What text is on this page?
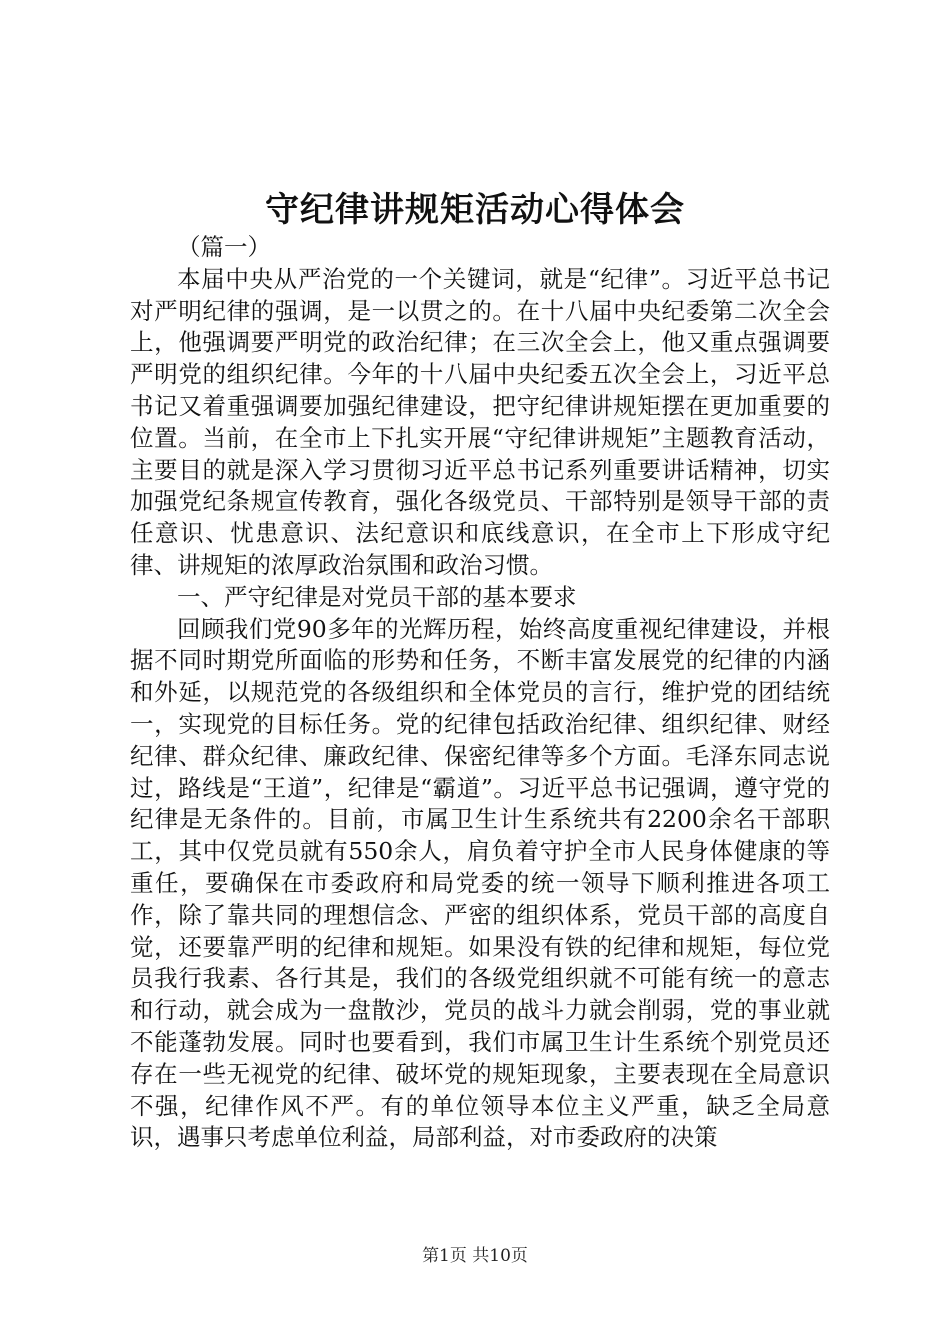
守纪律讲规矩活动心得体会

（篇一）

本届中央从严治党的一个关键词，就是“纪律”。习近平总书记对严明纪律的强调，是一以贯之的。在十八届中央纪委第二次全会上，他强调要严明党的政治纪律；在三次全会上，他又重点强调要严明党的组织纪律。今年的十八届中央纪委五次全会上，习近平总书记又着重强调要加强纪律建设，把守纪律讲规矩摆在更加重要的位置。当前，在全市上下扎实开展“守纪律讲规矩”主题教育活动，主要目的就是深入学习贯彻习近平总书记系列重要讲话精神，切实加强党纪条规宣传教育，强化各级党员、干部特别是领导干部的责任意识、忧患意识、法纪意识和底线意识，在全市上下形成守纪律、讲规矩的浓厚政治氛围和政治习惯。

一、严守纪律是对党员干部的基本要求

回顾我们党90多年的光辉历程，始终高度重视纪律建设，并根据不同时期党所面临的形势和任务，不断丰富发展党的纪律的内涵和外延，以规范党的各级组织和全体党员的言行，维护党的团结统一，实现党的目标任务。党的纪律包括政治纪律、组织纪律、财经纪律、群众纪律、廉政纪律、保密纪律等多个方面。毛泽东同志说过，路线是“王道”，纪律是“霸道”。习近平总书记强调，遵守党的纪律是无条件的。目前，市属卫生计生系统共有2200余名干部职工，其中仅党员就有550余人，肩负着守护全市人民身体健康的等重任，要确保在市委政府和局党委的统一领导下顺利推进各项工作，除了靠共同的理想信念、严密的组织体系，党员干部的高度自觉，还要靠严明的纪律和规矩。如果没有铁的纪律和规矩，每位党员我行我素、各行其是，我们的各级党组织就不可能有统一的意志和行动，就会成为一盘散沙，党员的战斗力就会削弱，党的事业就不能蓬勃发展。同时也要看到，我们市属卫生计生系统个别党员还存在一些无视党的纪律、破坏党的规矩现象，主要表现在全局意识不强，纪律作风不严。有的单位领导本位主义严重，缺乏全局意识，遇事只考虑单位利益，局部利益，对市委政府的决策

第1页 共10页
